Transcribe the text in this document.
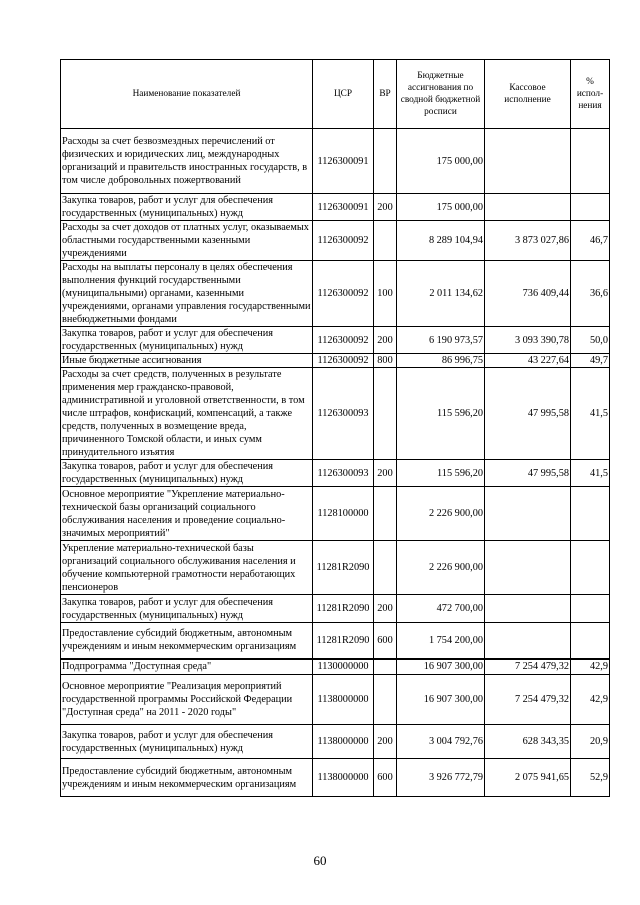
Наименование показателей	ЦСР	ВР	Бюджетные ассигнования по сводной бюджетной росписи	Кассовое исполнение	% испол-нения
Расходы за счет безвозмездных перечислений от физических и юридических лиц, международных организаций и правительств иностранных государств, в том числе добровольных пожертвований	1126300091		175 000,00		
Закупка товаров, работ и услуг для обеспечения государственных (муниципальных) нужд	1126300091	200	175 000,00		
Расходы за счет доходов от платных услуг, оказываемых областными государственными казенными учреждениями	1126300092		8 289 104,94	3 873 027,86	46,7
Расходы на выплаты персоналу в целях обеспечения выполнения функций государственными (муниципальными) органами, казенными учреждениями, органами управления государственными внебюджетными фондами	1126300092	100	2 011 134,62	736 409,44	36,6
Закупка товаров, работ и услуг для обеспечения государственных (муниципальных) нужд	1126300092	200	6 190 973,57	3 093 390,78	50,0
Иные бюджетные ассигнования	1126300092	800	86 996,75	43 227,64	49,7
Расходы за счет средств, полученных в результате применения мер гражданско-правовой, административной и уголовной ответственности, в том числе штрафов, конфискаций, компенсаций, а также средств, полученных в возмещение вреда, причиненного Томской области, и иных сумм принудительного изъятия	1126300093		115 596,20	47 995,58	41,5
Закупка товаров, работ и услуг для обеспечения государственных (муниципальных) нужд	1126300093	200	115 596,20	47 995,58	41,5
Основное мероприятие "Укрепление материально-технической базы организаций социального обслуживания населения и проведение социально-значимых мероприятий"	1128100000		2 226 900,00		
Укрепление материально-технической базы организаций социального обслуживания населения и обучение компьютерной грамотности неработающих пенсионеров	11281R2090		2 226 900,00		
Закупка товаров, работ и услуг для обеспечения государственных (муниципальных) нужд	11281R2090	200	472 700,00		
Предоставление субсидий бюджетным, автономным учреждениям и иным некоммерческим организациям	11281R2090	600	1 754 200,00		
Подпрограмма "Доступная среда"	1130000000		16 907 300,00	7 254 479,32	42,9
Основное мероприятие "Реализация мероприятий государственной программы Российской Федерации "Доступная среда" на 2011 - 2020 годы"	1138000000		16 907 300,00	7 254 479,32	42,9
Закупка товаров, работ и услуг для обеспечения государственных (муниципальных) нужд	1138000000	200	3 004 792,76	628 343,35	20,9
Предоставление субсидий бюджетным, автономным учреждениям и иным некоммерческим организациям	1138000000	600	3 926 772,79	2 075 941,65	52,9
60
